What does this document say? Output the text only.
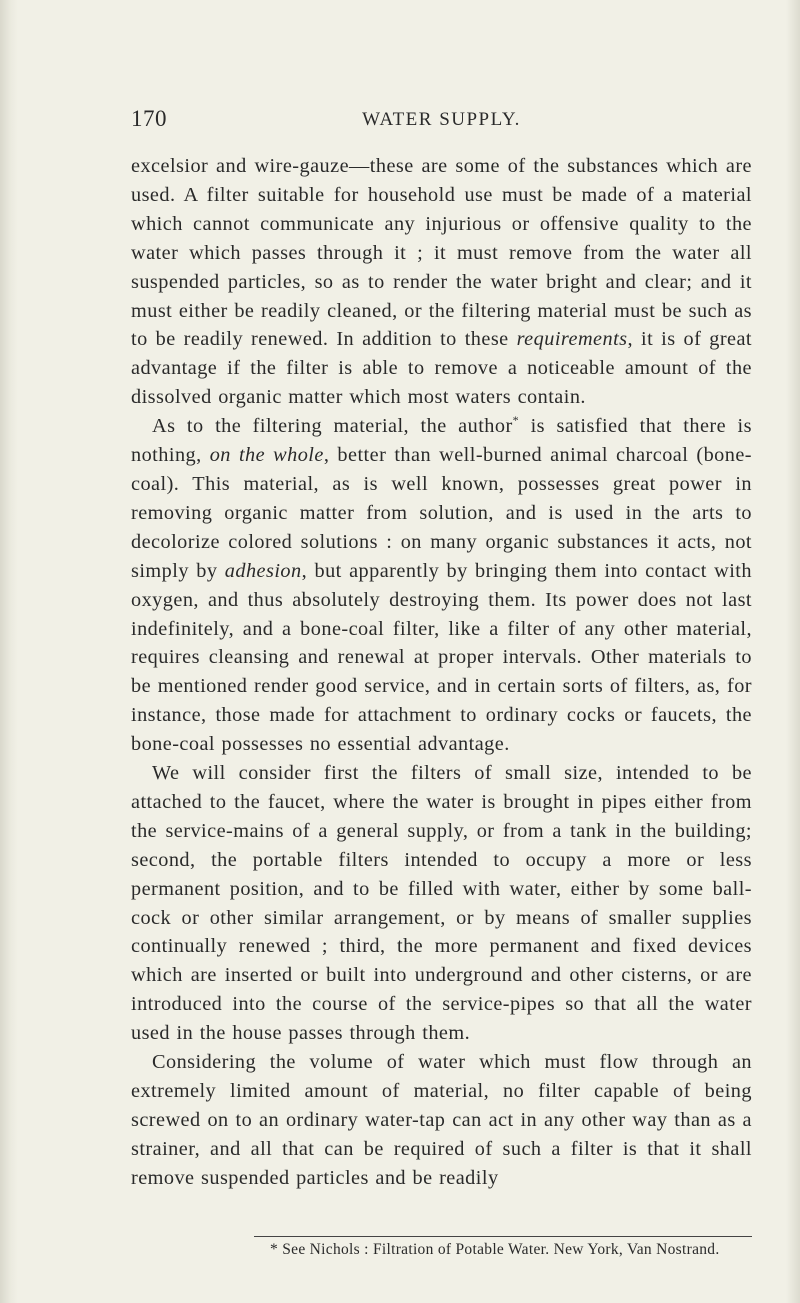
170	WATER SUPPLY.

excelsior and wire-gauze—these are some of the substances which are used. A filter suitable for household use must be made of a material which cannot communicate any injurious or offensive quality to the water which passes through it ; it must remove from the water all suspended particles, so as to render the water bright and clear; and it must either be readily cleaned, or the filtering material must be such as to be readily renewed. In addition to these requirements, it is of great advantage if the filter is able to remove a noticeable amount of the dissolved organic matter which most waters contain.

As to the filtering material, the author* is satisfied that there is nothing, on the whole, better than well-burned animal charcoal (bone-coal). This material, as is well known, possesses great power in removing organic matter from solution, and is used in the arts to decolorize colored solutions : on many organic substances it acts, not simply by adhesion, but apparently by bringing them into contact with oxygen, and thus absolutely destroying them. Its power does not last indefinitely, and a bone-coal filter, like a filter of any other material, requires cleansing and renewal at proper intervals. Other materials to be mentioned render good service, and in certain sorts of filters, as, for instance, those made for attachment to ordinary cocks or faucets, the bone-coal possesses no essential advantage.

We will consider first the filters of small size, intended to be attached to the faucet, where the water is brought in pipes either from the service-mains of a general supply, or from a tank in the building; second, the portable filters intended to occupy a more or less permanent position, and to be filled with water, either by some ball-cock or other similar arrangement, or by means of smaller supplies continually renewed ; third, the more permanent and fixed devices which are inserted or built into underground and other cisterns, or are introduced into the course of the service-pipes so that all the water used in the house passes through them.

Considering the volume of water which must flow through an extremely limited amount of material, no filter capable of being screwed on to an ordinary water-tap can act in any other way than as a strainer, and all that can be required of such a filter is that it shall remove suspended particles and be readily

* See Nichols : Filtration of Potable Water. New York, Van Nostrand.
